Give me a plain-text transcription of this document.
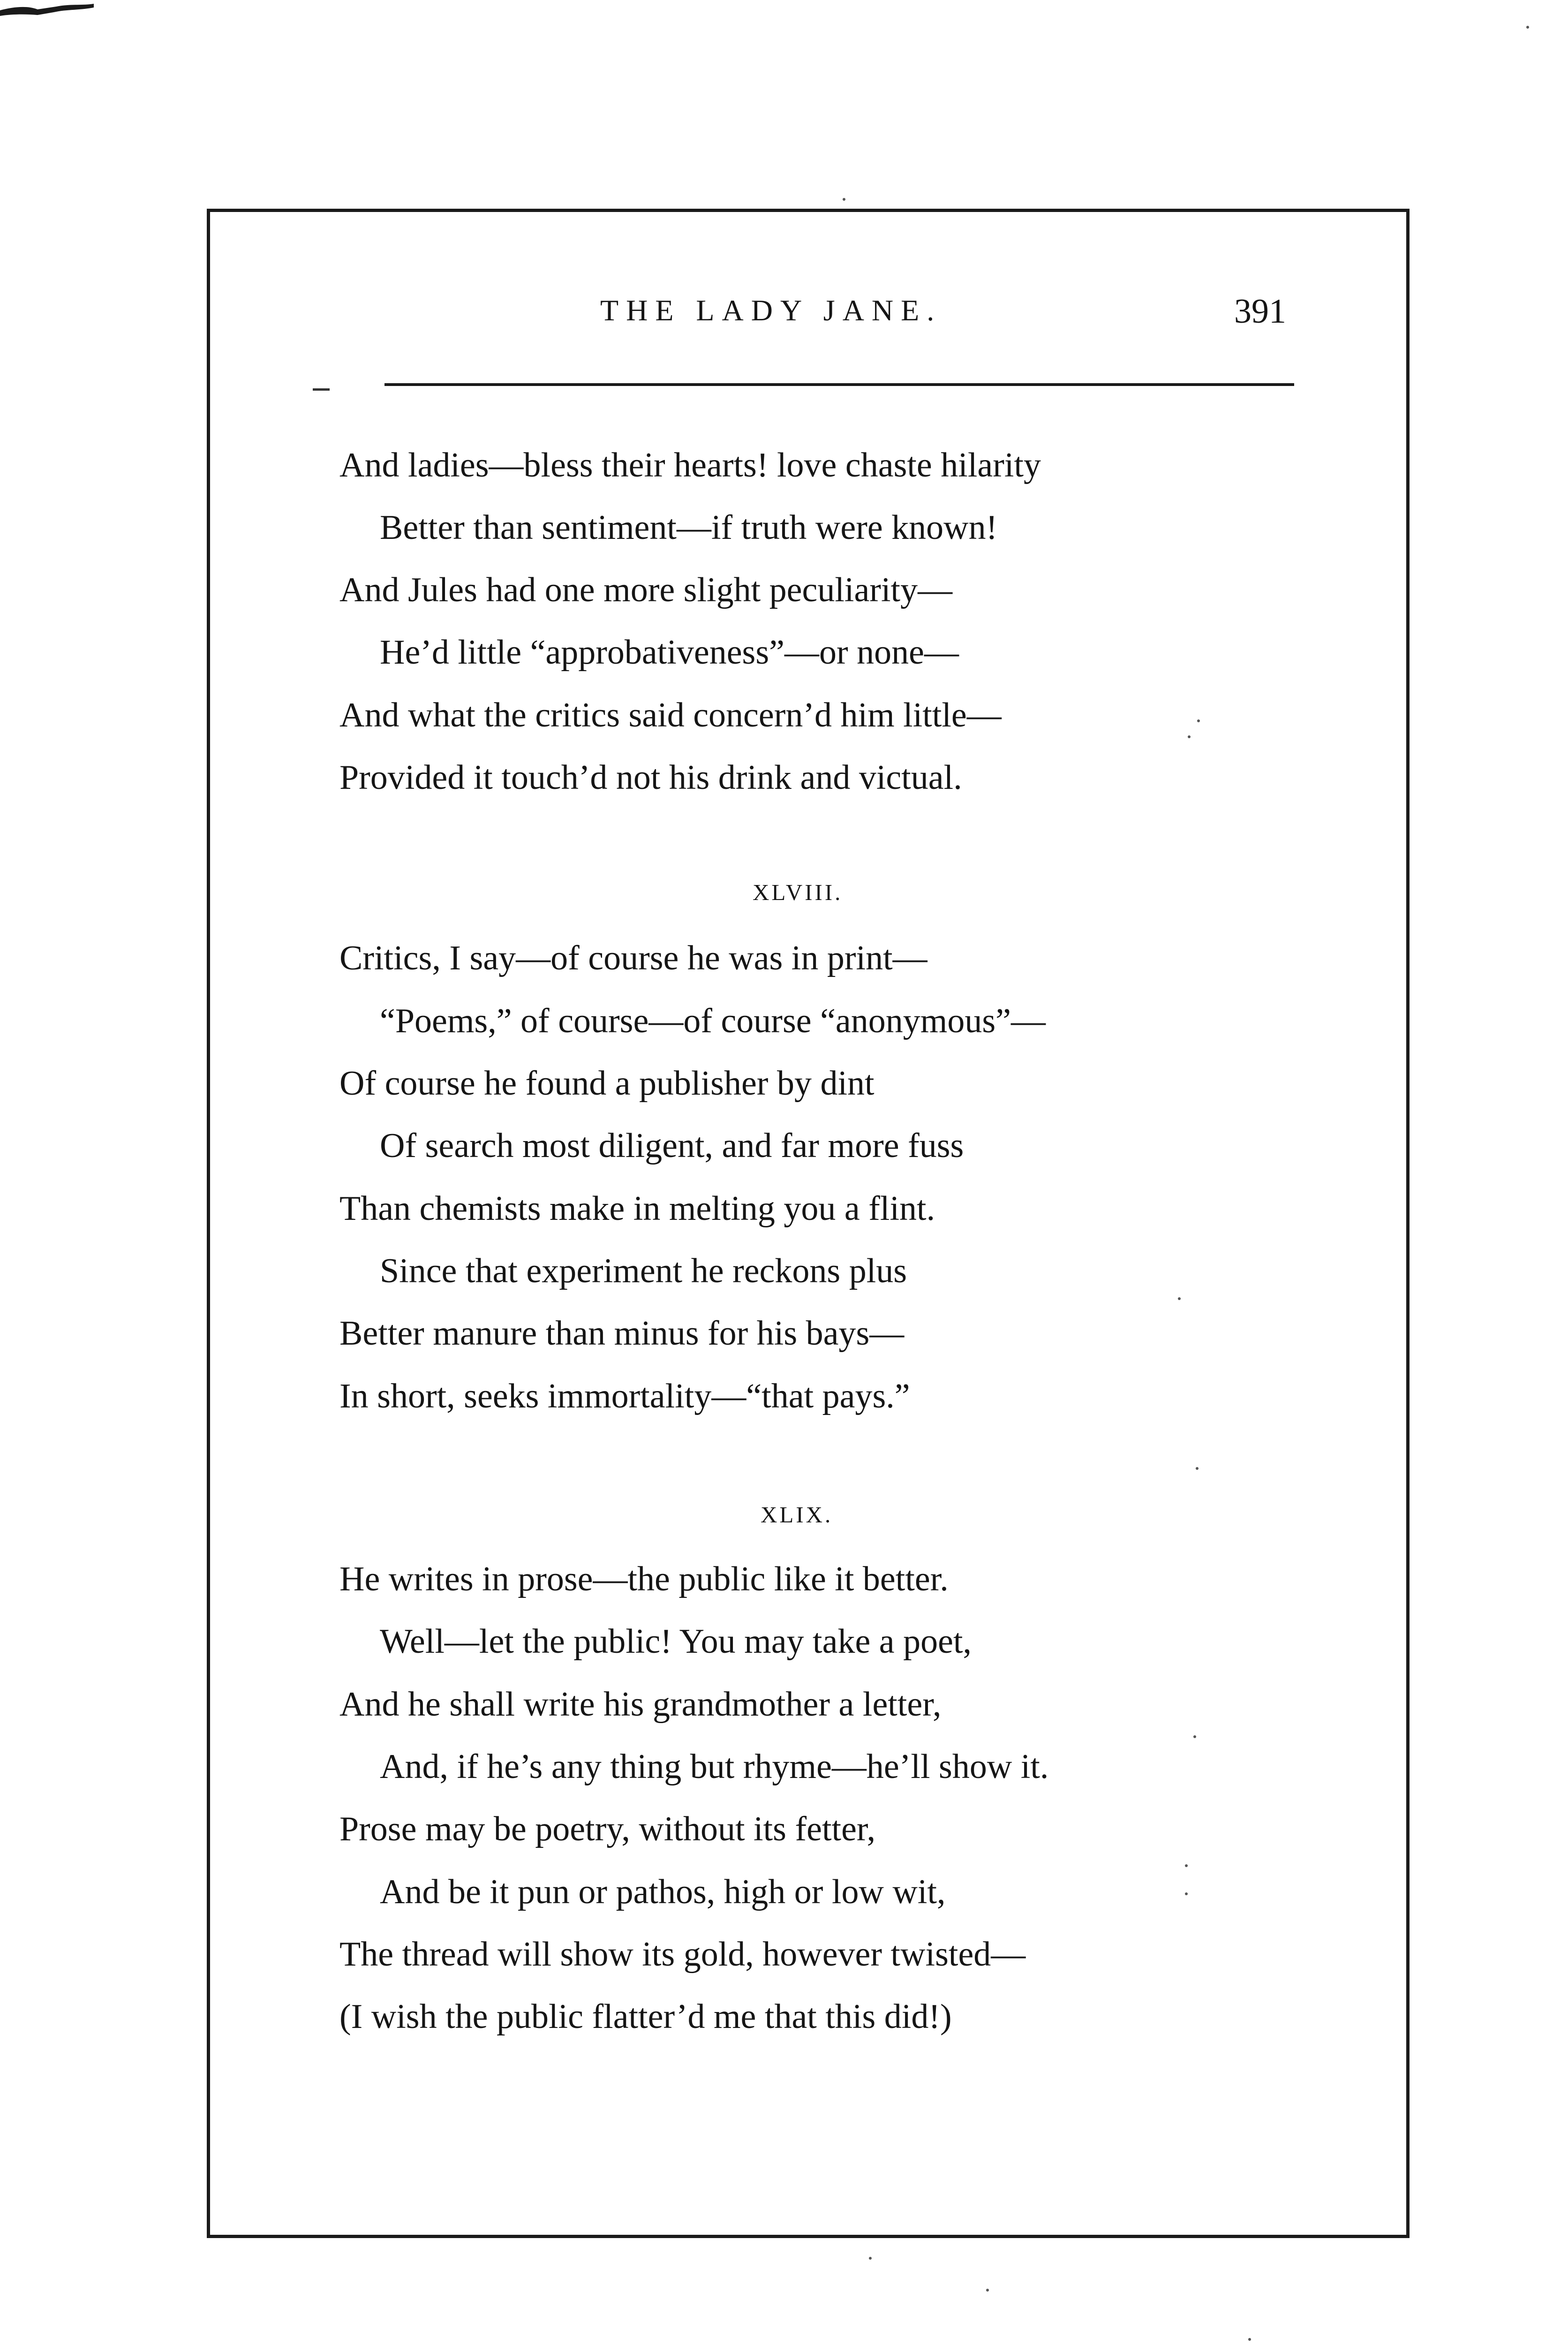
THE LADY JANE.	391
And ladies—bless their hearts! love chaste hilarity
Better than sentiment—if truth were known!
And Jules had one more slight peculiarity—
He’d little “approbativeness”—or none—
And what the critics said concern’d him little—
Provided it touch’d not his drink and victual.
XLVIII.
Critics, I say—of course he was in print—
“Poems,” of course—of course “anonymous”—
Of course he found a publisher by dint
Of search most diligent, and far more fuss
Than chemists make in melting you a flint.
Since that experiment he reckons plus
Better manure than minus for his bays—
In short, seeks immortality—“that pays.”
XLIX.
He writes in prose—the public like it better.
Well—let the public! You may take a poet,
And he shall write his grandmother a letter,
And, if he’s any thing but rhyme—he’ll show it.
Prose may be poetry, without its fetter,
And be it pun or pathos, high or low wit,
The thread will show its gold, however twisted—
(I wish the public flatter’d me that this did!)
